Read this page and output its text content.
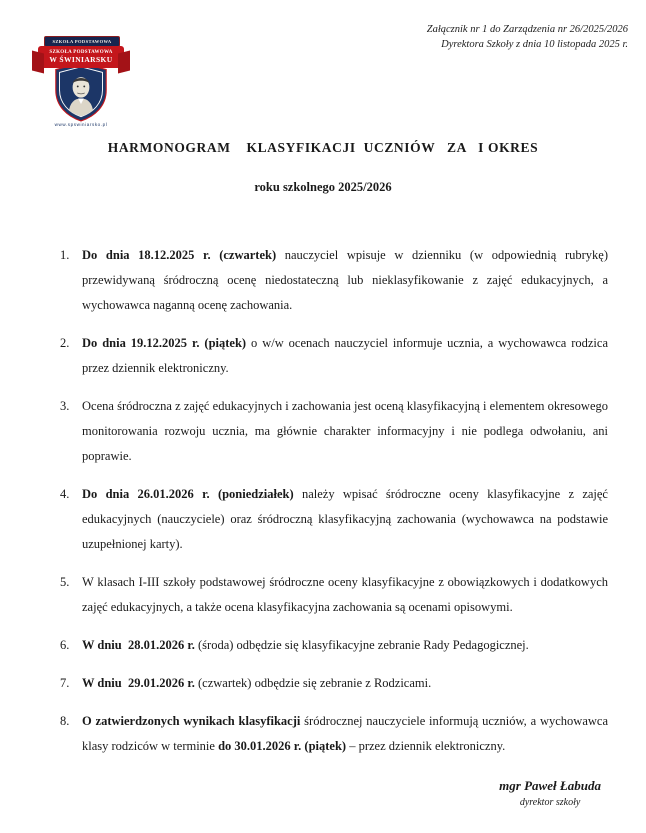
Załącznik nr 1 do Zarządzenia nr 26/2025/2026
Dyrektora Szkoły z dnia 10 listopada 2025 r.
SZKOŁA PODSTAWOWA
SZKOŁA PODSTAWOWA
W ŚWINIARSKU
www.spswiniarsko.pl
HARMONOGRAM    KLASYFIKACJI  UCZNIÓW   ZA   I OKRES
roku szkolnego 2025/2026
1. Do dnia 18.12.2025 r. (czwartek) nauczyciel wpisuje w dzienniku (w odpowiednią rubrykę) przewidywaną śródroczną ocenę niedostateczną lub nieklasyfikowanie z zajęć edukacyjnych, a wychowawca naganną ocenę zachowania.
2. Do dnia 19.12.2025 r. (piątek) o w/w ocenach nauczyciel informuje ucznia, a wychowawca rodzica przez dziennik elektroniczny.
3. Ocena śródroczna z zajęć edukacyjnych i zachowania jest oceną klasyfikacyjną i elementem okresowego monitorowania rozwoju ucznia, ma głównie charakter informacyjny i nie podlega odwołaniu, ani poprawie.
4. Do dnia 26.01.2026 r. (poniedziałek) należy wpisać śródroczne oceny klasyfikacyjne z zajęć edukacyjnych (nauczyciele) oraz śródroczną klasyfikacyjną zachowania (wychowawca na podstawie uzupełnionej karty).
5. W klasach I-III szkoły podstawowej śródroczne oceny klasyfikacyjne z obowiązkowych i dodatkowych zajęć edukacyjnych, a także ocena klasyfikacyjna zachowania są ocenami opisowymi.
6. W dniu  28.01.2026 r. (środa) odbędzie się klasyfikacyjne zebranie Rady Pedagogicznej.
7. W dniu  29.01.2026 r. (czwartek) odbędzie się zebranie z Rodzicami.
8. O zatwierdzonych wynikach klasyfikacji śródrocznej nauczyciele informują uczniów, a wychowawca klasy rodziców w terminie do 30.01.2026 r. (piątek) – przez dziennik elektroniczny.
mgr Paweł Łabuda
dyrektor szkoły
